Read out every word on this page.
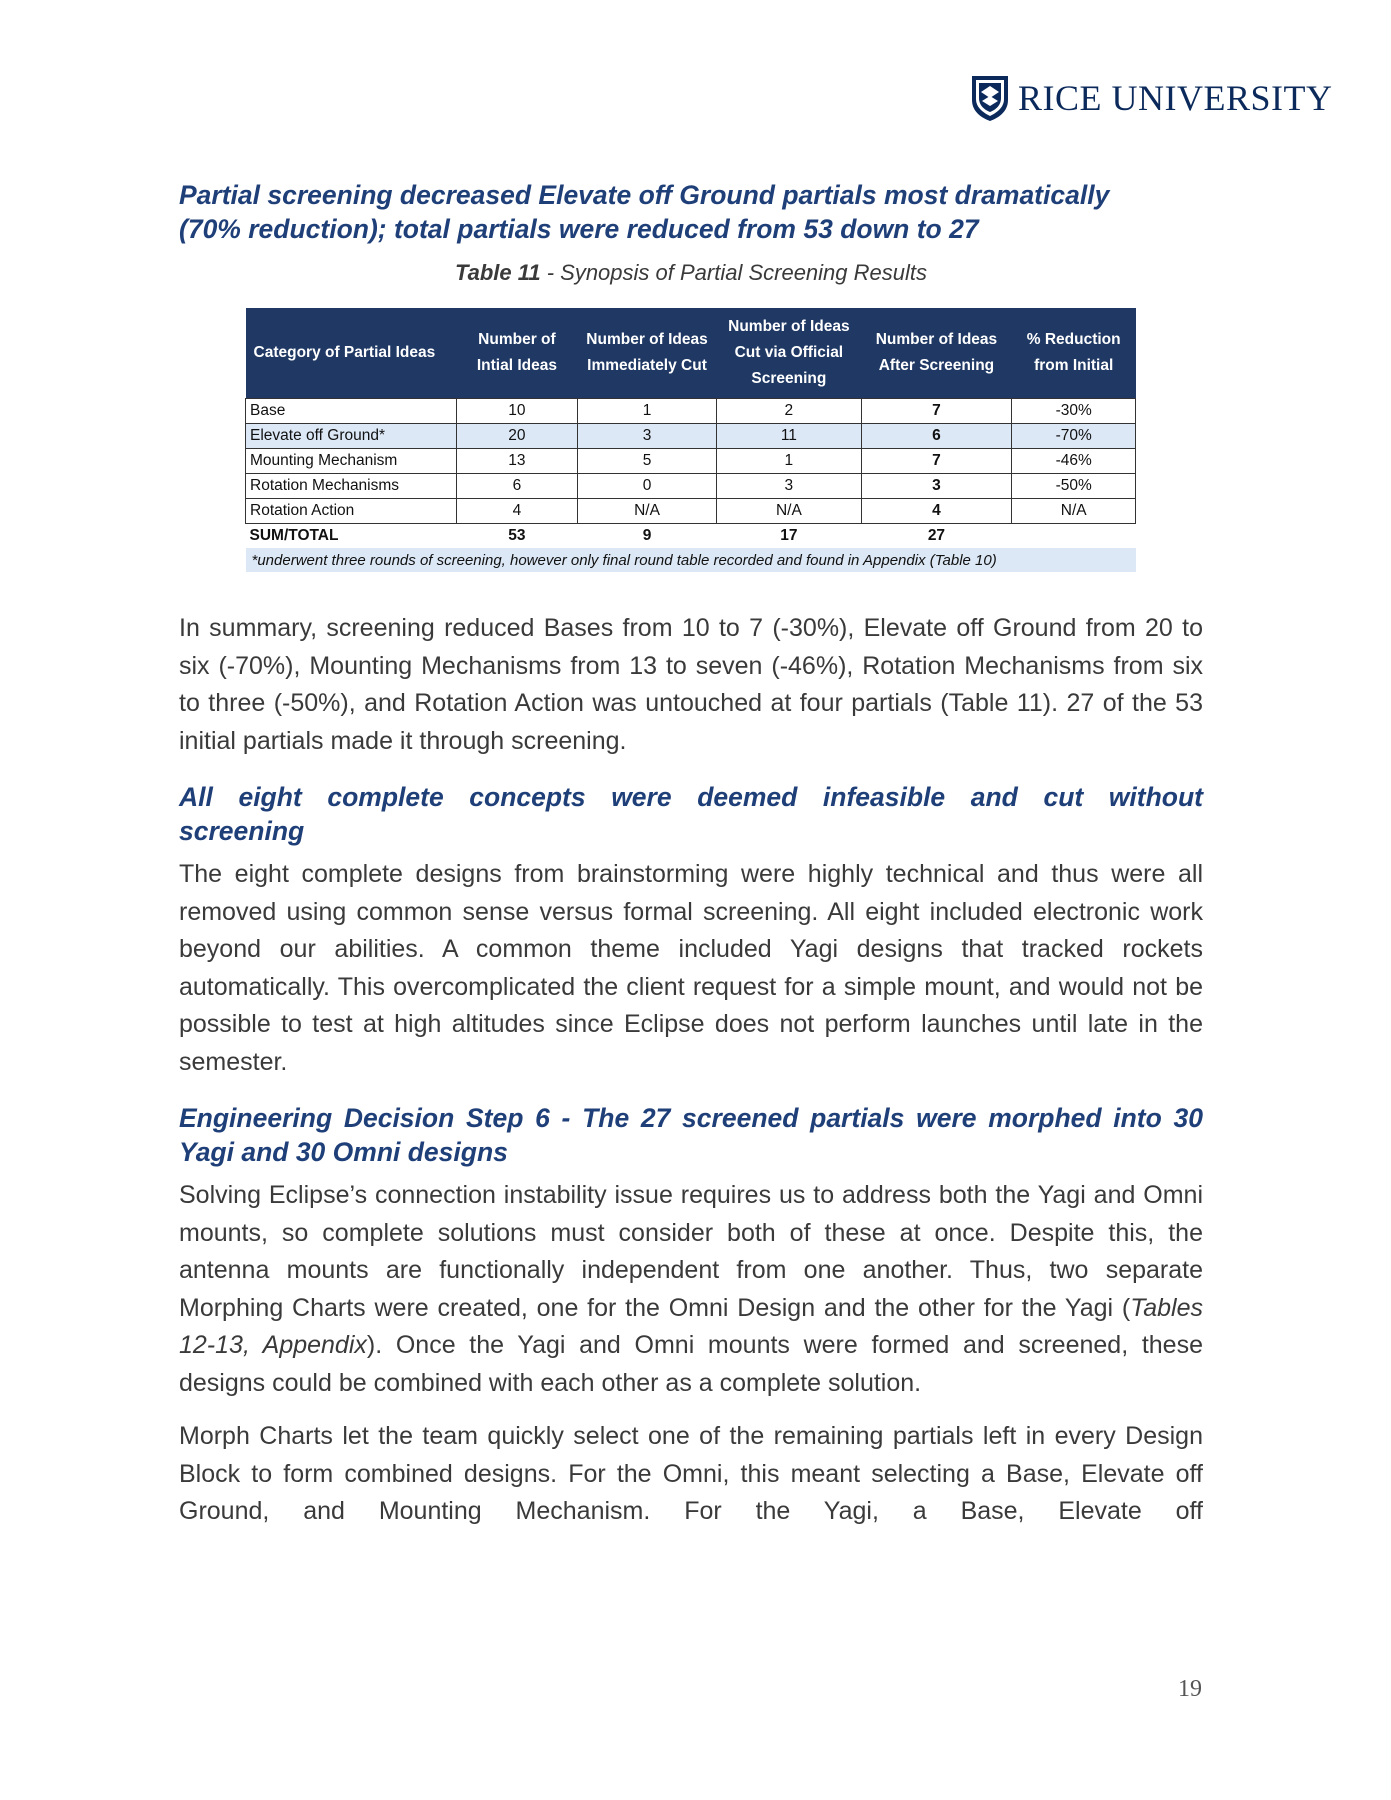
RICE UNIVERSITY
Partial screening decreased Elevate off Ground partials most dramatically
(70% reduction); total partials were reduced from 53 down to 27
Table 11 - Synopsis of Partial Screening Results
Category of Partial Ideas	Number of Intial Ideas	Number of Ideas Immediately Cut	Number of Ideas Cut via Official Screening	Number of Ideas After Screening	% Reduction from Initial
Base	10	1	2	7	-30%
Elevate off Ground*	20	3	11	6	-70%
Mounting Mechanism	13	5	1	7	-46%
Rotation Mechanisms	6	0	3	3	-50%
Rotation Action	4	N/A	N/A	4	N/A
SUM/TOTAL	53	9	17	27	
*underwent three rounds of screening, however only final round table recorded and found in Appendix (Table 10)					

In summary, screening reduced Bases from 10 to 7 (-30%), Elevate off Ground from 20 to six (-70%), Mounting Mechanisms from 13 to seven (-46%), Rotation Mechanisms from six to three (-50%), and Rotation Action was untouched at four partials (Table 11). 27 of the 53 initial partials made it through screening.

All eight complete concepts were deemed infeasible and cut without
screening

The eight complete designs from brainstorming were highly technical and thus were all removed using common sense versus formal screening. All eight included electronic work beyond our abilities. A common theme included Yagi designs that tracked rockets automatically. This overcomplicated the client request for a simple mount, and would not be possible to test at high altitudes since Eclipse does not perform launches until late in the semester.

Engineering Decision Step 6 - The 27 screened partials were morphed into 30
Yagi and 30 Omni designs

Solving Eclipse’s connection instability issue requires us to address both the Yagi and Omni mounts, so complete solutions must consider both of these at once. Despite this, the antenna mounts are functionally independent from one another. Thus, two separate Morphing Charts were created, one for the Omni Design and the other for the Yagi (Tables 12-13, Appendix). Once the Yagi and Omni mounts were formed and screened, these designs could be combined with each other as a complete solution.

Morph Charts let the team quickly select one of the remaining partials left in every Design Block to form combined designs. For the Omni, this meant selecting a Base, Elevate off Ground, and Mounting Mechanism. For the Yagi, a Base, Elevate off

19
